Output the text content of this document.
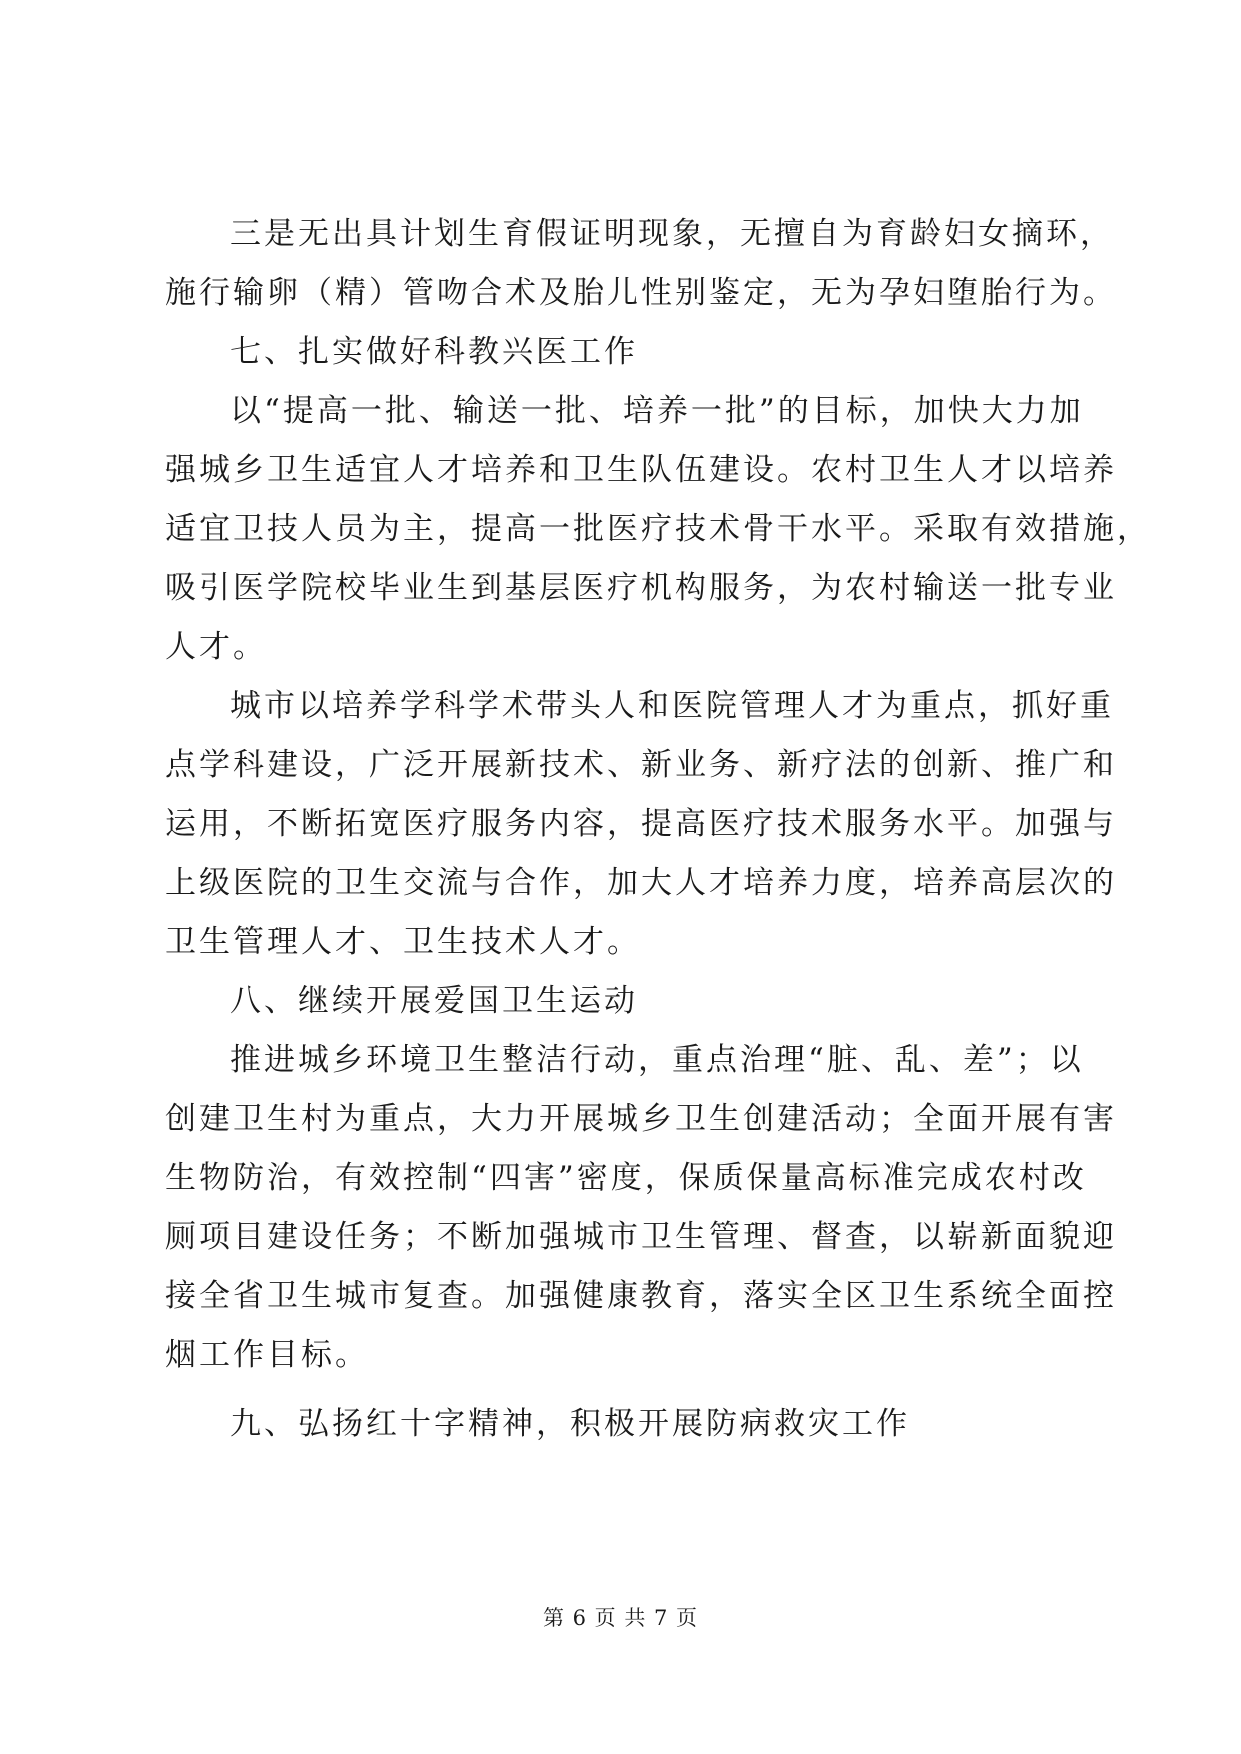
三是无出具计划生育假证明现象，无擅自为育龄妇女摘环，
施行输卵（精）管吻合术及胎儿性别鉴定，无为孕妇堕胎行为。
七、扎实做好科教兴医工作
以“提高一批、输送一批、培养一批”的目标，加快大力加
强城乡卫生适宜人才培养和卫生队伍建设。农村卫生人才以培养
适宜卫技人员为主，提高一批医疗技术骨干水平。采取有效措施，
吸引医学院校毕业生到基层医疗机构服务，为农村输送一批专业
人才。
城市以培养学科学术带头人和医院管理人才为重点，抓好重
点学科建设，广泛开展新技术、新业务、新疗法的创新、推广和
运用，不断拓宽医疗服务内容，提高医疗技术服务水平。加强与
上级医院的卫生交流与合作，加大人才培养力度，培养高层次的
卫生管理人才、卫生技术人才。
八、继续开展爱国卫生运动
推进城乡环境卫生整洁行动，重点治理“脏、乱、差”；以
创建卫生村为重点，大力开展城乡卫生创建活动；全面开展有害
生物防治，有效控制“四害”密度，保质保量高标准完成农村改
厕项目建设任务；不断加强城市卫生管理、督查，以崭新面貌迎
接全省卫生城市复查。加强健康教育，落实全区卫生系统全面控
烟工作目标。
九、弘扬红十字精神，积极开展防病救灾工作
第 6 页 共 7 页
